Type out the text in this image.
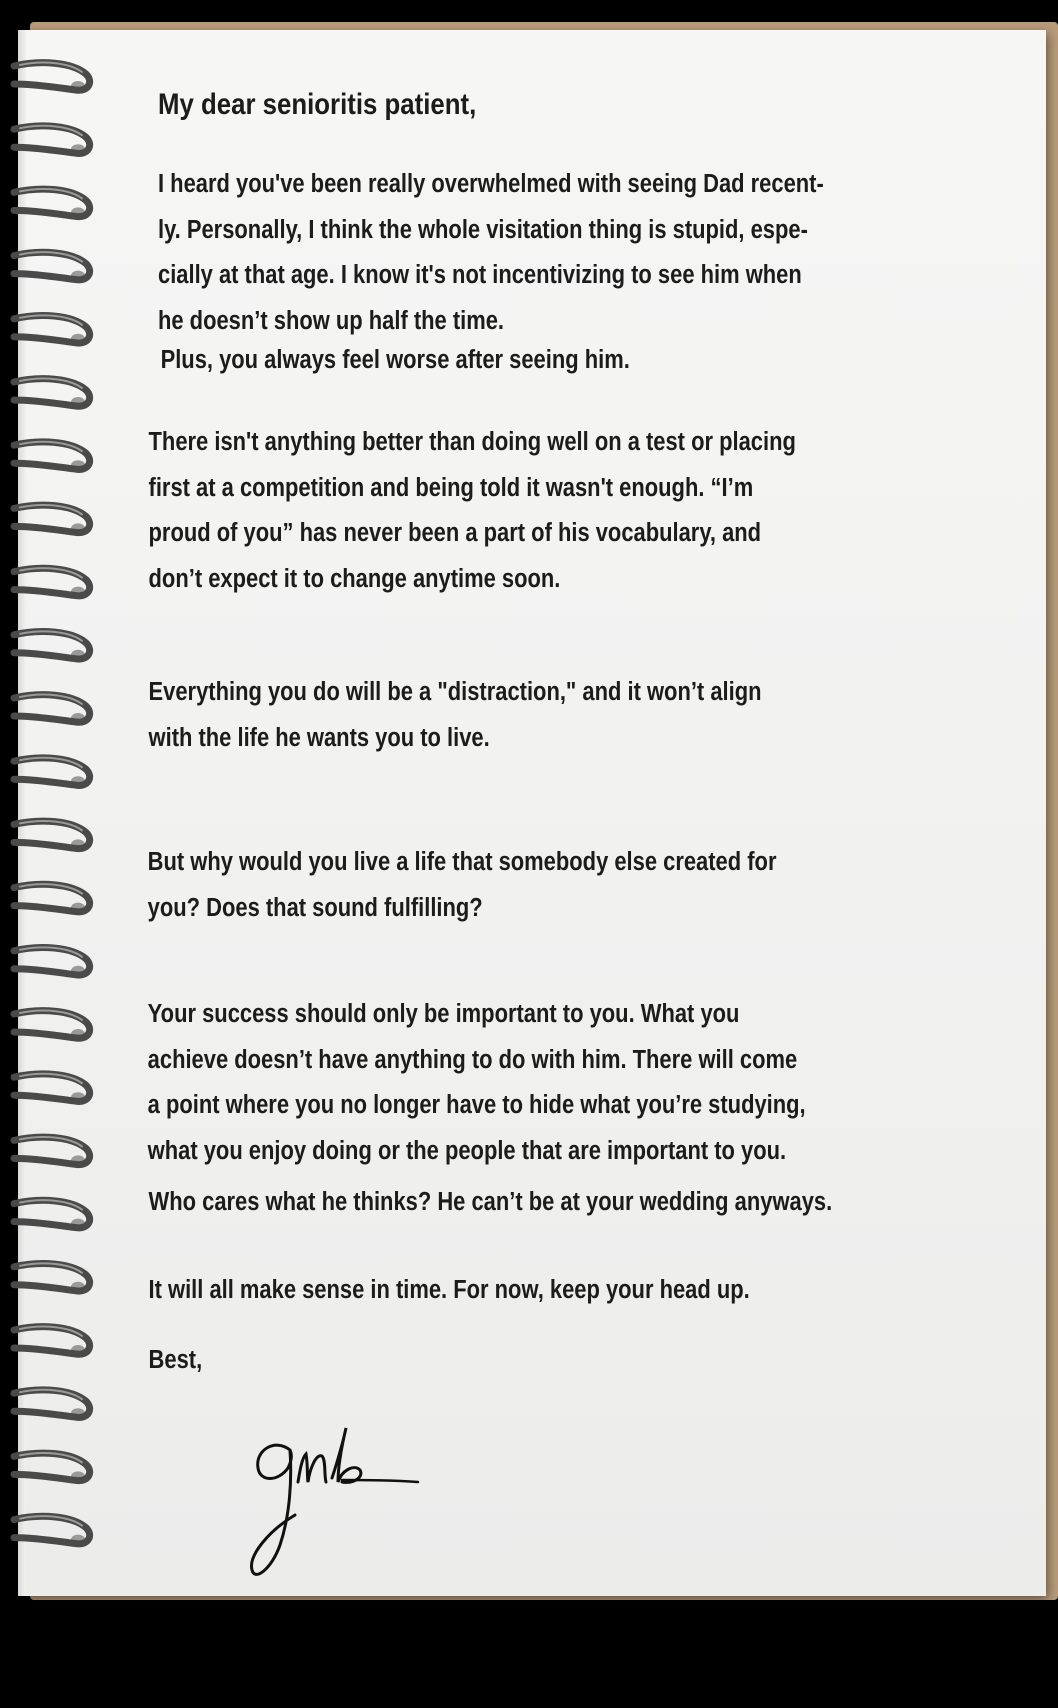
My dear senioritis patient,

I heard you've been really overwhelmed with seeing Dad recent-
ly. Personally, I think the whole visitation thing is stupid, espe-
cially at that age. I know it's not incentivizing to see him when
he doesn’t show up half the time.

Plus, you always feel worse after seeing him.

There isn't anything better than doing well on a test or placing
first at a competition and being told it wasn't enough. “I’m
proud of you” has never been a part of his vocabulary, and
don’t expect it to change anytime soon.

Everything you do will be a "distraction," and it won’t align
with the life he wants you to live.

But why would you live a life that somebody else created for
you? Does that sound fulfilling?

Your success should only be important to you. What you
achieve doesn’t have anything to do with him. There will come
a point where you no longer have to hide what you’re studying,
what you enjoy doing or the people that are important to you.

Who cares what he thinks? He can’t be at your wedding anyways.

It will all make sense in time. For now, keep your head up.

Best,
